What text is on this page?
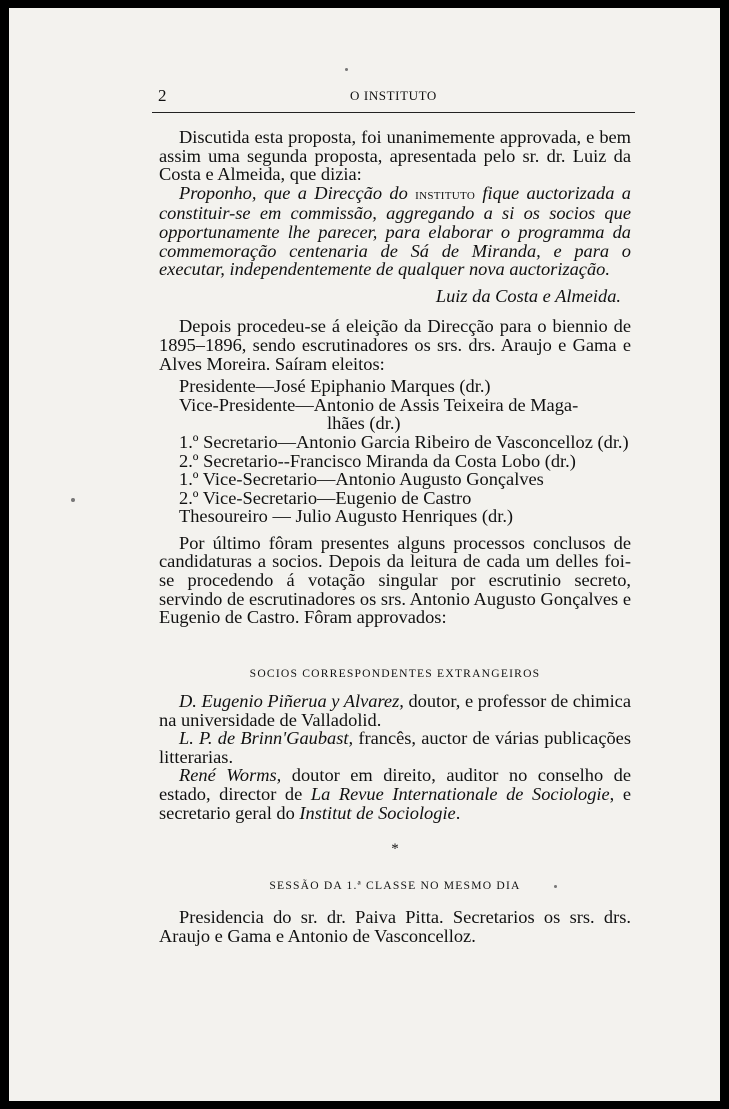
2	O INSTITUTO

Discutida esta proposta, foi unanimemente approvada, e bem assim uma segunda proposta, apresentada pelo sr. dr. Luiz da Costa e Almeida, que dizia:

Proponho, que a Direcção do instituto fique auctorizada a constituir-se em commissão, aggregando a si os socios que opportunamente lhe parecer, para elaborar o programma da commemoração centenaria de Sá de Miranda, e para o executar, independentemente de qualquer nova auctorização.

Luiz da Costa e Almeida.

Depois procedeu-se á eleição da Direcção para o biennio de 1895–1896, sendo escrutinadores os srs. drs. Araujo e Gama e Alves Moreira. Saíram eleitos:

Presidente—José Epiphanio Marques (dr.)
Vice-Presidente—Antonio de Assis Teixeira de Maga-
lhães (dr.)
1.º Secretario—Antonio Garcia Ribeiro de Vasconcelloz (dr.)
2.º Secretario--Francisco Miranda da Costa Lobo (dr.)
1.º Vice-Secretario—Antonio Augusto Gonçalves
2.º Vice-Secretario—Eugenio de Castro
Thesoureiro — Julio Augusto Henriques (dr.)

Por último fôram presentes alguns processos conclusos de candidaturas a socios. Depois da leitura de cada um delles foi-se procedendo á votação singular por escrutinio secreto, servindo de escrutinadores os srs. Antonio Augusto Gonçalves e Eugenio de Castro. Fôram approvados:

SOCIOS CORRESPONDENTES EXTRANGEIROS

D. Eugenio Piñerua y Alvarez, doutor, e professor de chimica na universidade de Valladolid.

L. P. de Brinn'Gaubast, francês, auctor de várias publicações litterarias.

René Worms, doutor em direito, auditor no conselho de estado, director de La Revue Internationale de Sociologie, e secretario geral do Institut de Sociologie.

*
SESSÃO DA 1.ª CLASSE NO MESMO DIA

Presidencia do sr. dr. Paiva Pitta. Secretarios os srs. drs. Araujo e Gama e Antonio de Vasconcelloz.
